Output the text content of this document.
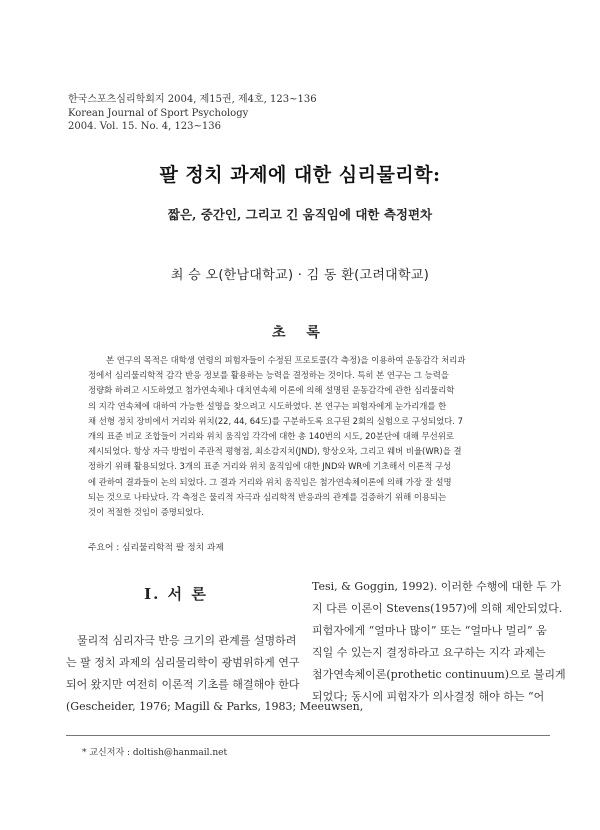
한국스포츠심리학회지 2004, 제15권, 제4호, 123~136
Korean Journal of Sport Psychology
2004. Vol. 15. No. 4, 123~136
팔 정치 과제에 대한 심리물리학:
짧은, 중간인, 그리고 긴 움직임에 대한 측정편차
최 승 오(한남대학교) · 김 동 환(고려대학교)
초 록
본 연구의 목적은 대학생 연령의 피험자들이 수정된 프로토콜(각 측정)을 이용하여 운동감각 처리과
정에서 심리물리학적 감각 반응 정보를 활용하는 능력을 결정하는 것이다. 특히 본 연구는 그 능력을
정량화 하려고 시도하였고 첨가연속체나 대치연속체 이론에 의해 설명된 운동감각에 관한 심리물리학
의 지각 연속체에 대하여 가능한 설명을 찾으려고 시도하였다. 본 연구는 피험자에게 눈가리개를 한
채 선형 정치 장비에서 거리와 위치(22, 44, 64도)를 구분하도록 요구된 2회의 실험으로 구성되었다. 7
개의 표준 비교 조합들이 거리와 위치 움직임 각각에 대한 총 140번의 시도, 20분단에 대해 무선위로
제시되었다. 항상 자극 방법이 주관적 평형점, 최소감지치(JND), 항상오차, 그리고 웨버 비율(WR)을 결
정하기 위해 활용되었다. 3개의 표준 거리와 위치 움직임에 대한 JND와 WR에 기초해서 이론적 구성
에 관하여 결과들이 논의 되었다. 그 결과 거리와 위치 움직임은 첨가연속체이론에 의해 가장 잘 설명
되는 것으로 나타났다. 각 측정은 물리적 자극과 심리학적 반응과의 관계를 검증하기 위해 이용되는
것이 적절한 것임이 증명되었다.
주요어 : 심리물리학적 팔 정치 과제
Ⅰ. 서 론
물리적 심리자극 반응 크기의 관계를 설명하려
는 팔 정치 과제의 심리물리학이 광범위하게 연구
되어 왔지만 여전히 이론적 기초를 해결해야 한다
(Gescheider, 1976; Magill & Parks, 1983; Meeuwsen,
Tesi, & Goggin, 1992). 이러한 수행에 대한 두 가
지 다른 이론이 Stevens(1957)에 의해 제안되었다.
피험자에게 “얼마나 많이” 또는 “얼마나 멀리” 움
직일 수 있는지 결정하라고 요구하는 지각 과제는
첨가연속체이론(prothetic continuum)으로 불리게
되었다; 동시에 피험자가 의사결정 해야 하는 “어
* 교신저자 : doltish@hanmail.net
